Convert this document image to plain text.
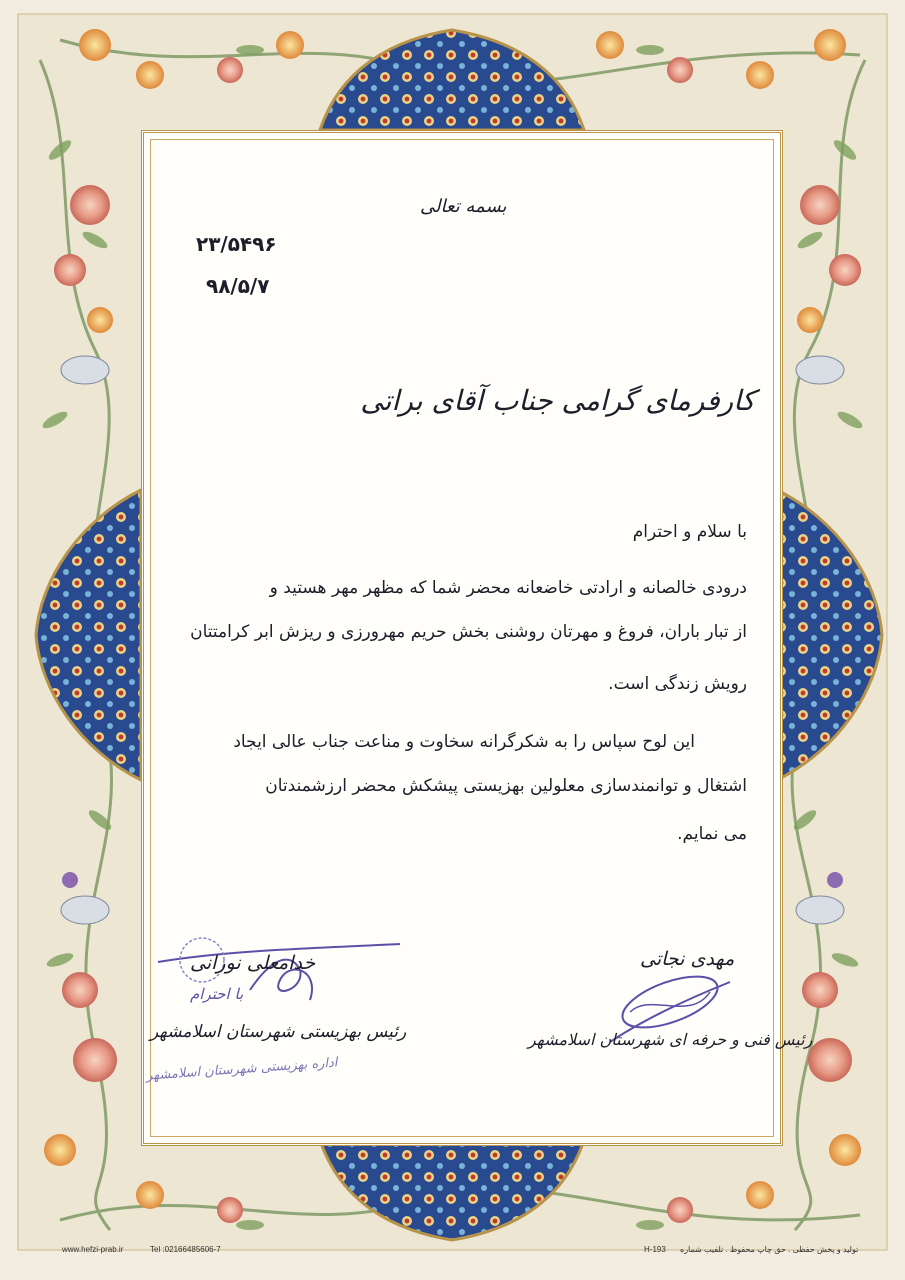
بسمه تعالی
۲۳/۵۴۹۶
۹۸/۵/۷
کارفرمای گرامی جناب آقای براتی
با سلام و احترام
درودی خالصانه و ارادتی خاضعانه محضر شما که مظهر مهر هستید و
از تبار باران، فروغ و مهرتان روشنی بخش حریم مهرورزی و ریزش ابر کرامتتان
رویش زندگی است.
این لوح سپاس را به شکرگرانه سخاوت و مناعت جناب عالی ایجاد
اشتغال و توانمندسازی معلولین بهزیستی پیشکش محضر ارزشمندتان
می نمایم.
خدامعلی نورانی
با احترام
رئیس بهزیستی شهرستان اسلامشهر
اداره بهزیستی شهرستان اسلامشهر
مهدی نجاتی
رئیس فنی و حرفه ای شهرستان اسلامشهر
www.hefzi-prab.ir	Tel :02166485606-7	H-193 تولید و پخش حفظی . حق چاپ محفوظ . تلفیب شماره
